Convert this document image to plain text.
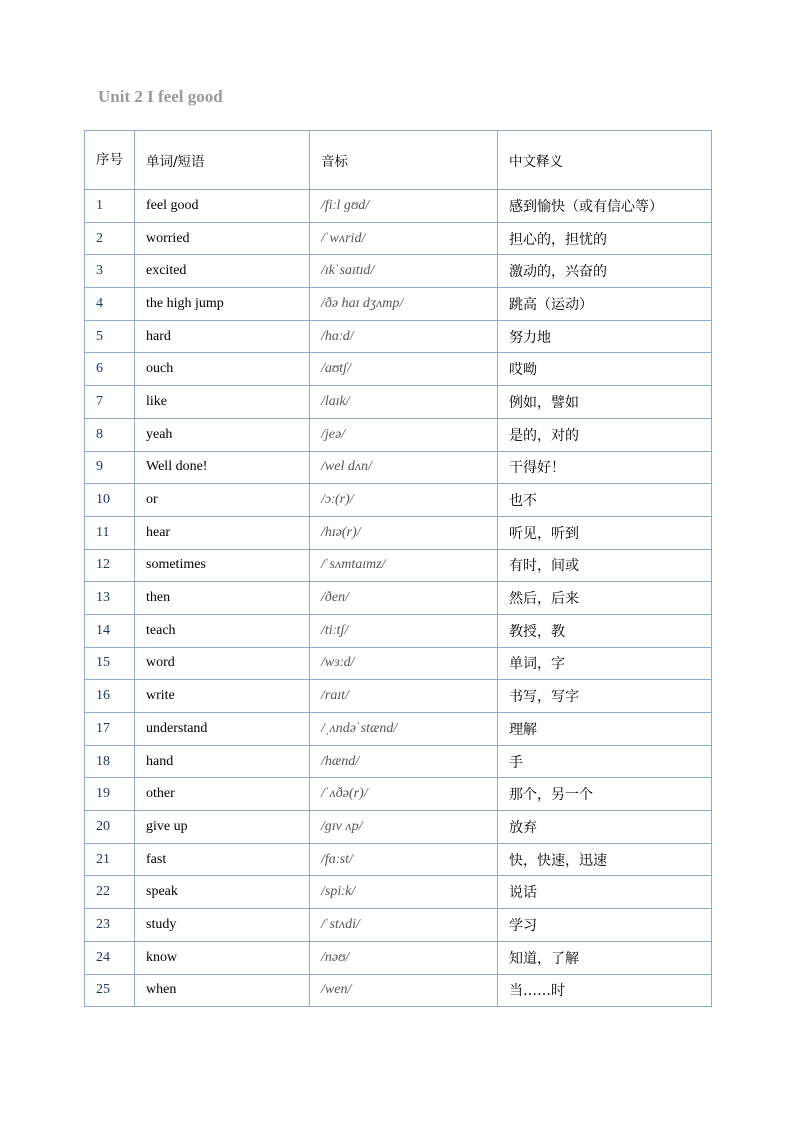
Unit 2 I feel good
序号	单词/短语	音标	中文释义
1	feel good	/fiːl ɡʊd/	感到愉快（或有信心等）
2	worried	/ˈwʌrid/	担心的，担忧的
3	excited	/ɪkˈsaɪtɪd/	激动的，兴奋的
4	the high jump	/ðə haɪ dʒʌmp/	跳高（运动）
5	hard	/hɑːd/	努力地
6	ouch	/aʊtʃ/	哎呦
7	like	/laɪk/	例如，譬如
8	yeah	/jeə/	是的，对的
9	Well done!	/wel dʌn/	干得好！
10	or	/ɔː(r)/	也不
11	hear	/hɪə(r)/	听见，听到
12	sometimes	/ˈsʌmtaɪmz/	有时，间或
13	then	/ðen/	然后，后来
14	teach	/tiːtʃ/	教授，教
15	word	/wɜːd/	单词，字
16	write	/raɪt/	书写，写字
17	understand	/ˌʌndəˈstænd/	理解
18	hand	/hænd/	手
19	other	/ˈʌðə(r)/	那个，另一个
20	give up	/ɡɪv ʌp/	放弃
21	fast	/fɑːst/	快，快速，迅速
22	speak	/spiːk/	说话
23	study	/ˈstʌdi/	学习
24	know	/nəʊ/	知道，了解
25	when	/wen/	当……时
